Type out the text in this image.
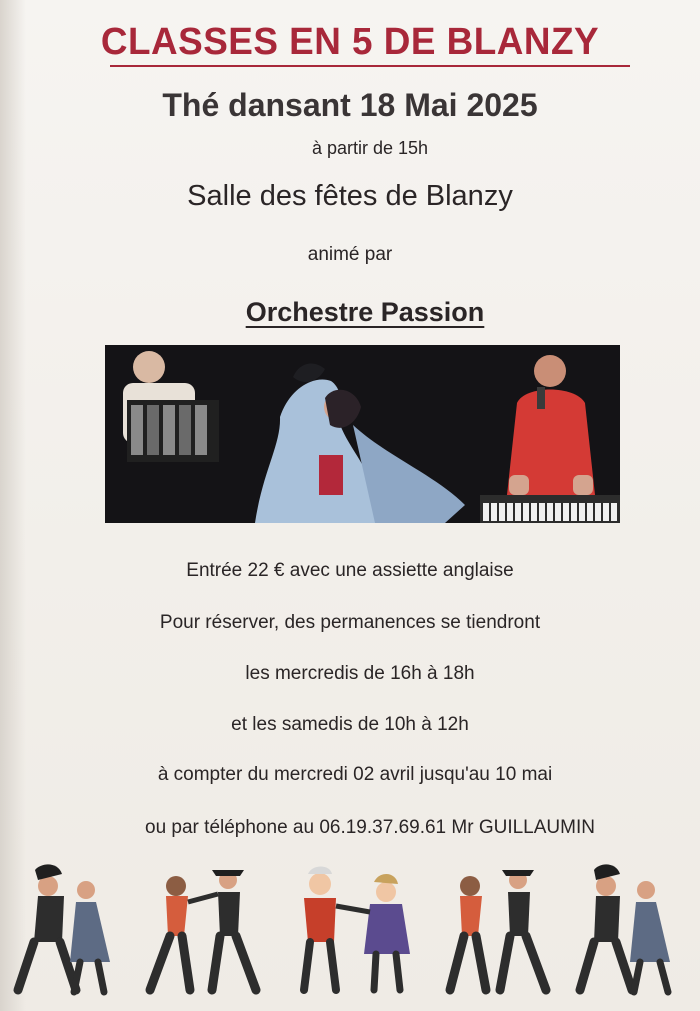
CLASSES EN 5 DE BLANZY
Thé dansant 18 Mai 2025
à partir de 15h
Salle des fêtes de Blanzy
animé par
Orchestre Passion
Entrée 22 € avec une assiette anglaise
Pour réserver, des permanences se tiendront
les mercredis de 16h à 18h
et les samedis de 10h à 12h
à compter du mercredi 02 avril jusqu'au 10 mai
ou par téléphone au 06.19.37.69.61 Mr GUILLAUMIN
